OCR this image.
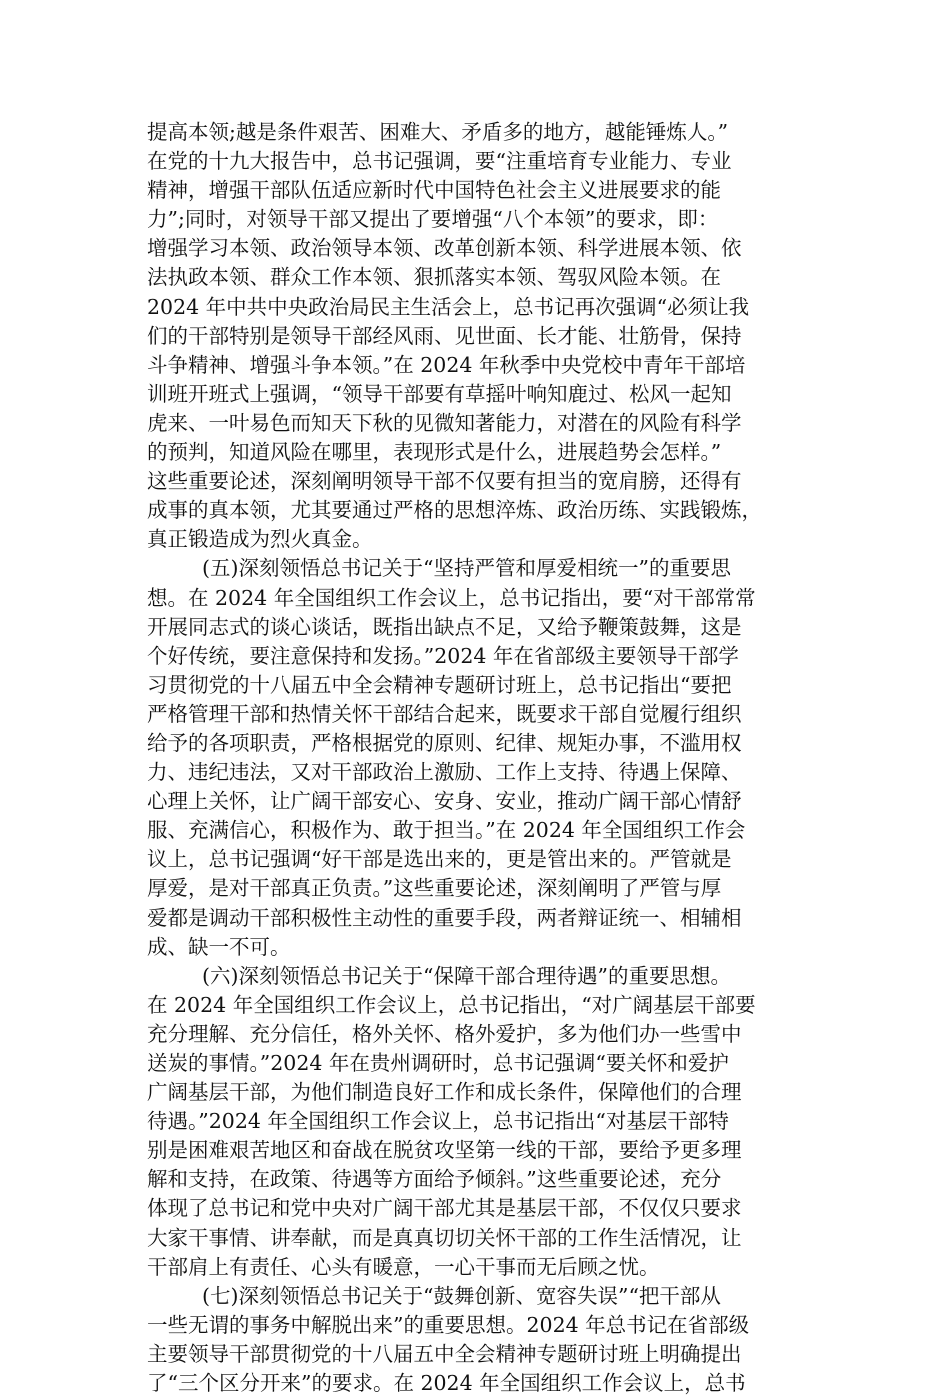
提高本领;越是条件艰苦、困难大、矛盾多的地方，越能锤炼人。”
在党的十九大报告中，总书记强调，要“注重培育专业能力、专业
精神，增强干部队伍适应新时代中国特色社会主义进展要求的能
力”;同时，对领导干部又提出了要增强“八个本领”的要求，即：
增强学习本领、政治领导本领、改革创新本领、科学进展本领、依
法执政本领、群众工作本领、狠抓落实本领、驾驭风险本领。在
2024 年中共中央政治局民主生活会上，总书记再次强调“必须让我
们的干部特别是领导干部经风雨、见世面、长才能、壮筋骨，保持
斗争精神、增强斗争本领。”在 2024 年秋季中央党校中青年干部培
训班开班式上强调，“领导干部要有草摇叶响知鹿过、松风一起知
虎来、一叶易色而知天下秋的见微知著能力，对潜在的风险有科学
的预判，知道风险在哪里，表现形式是什么，进展趋势会怎样。”
这些重要论述，深刻阐明领导干部不仅要有担当的宽肩膀，还得有
成事的真本领，尤其要通过严格的思想淬炼、政治历练、实践锻炼，
真正锻造成为烈火真金。
(五)深刻领悟总书记关于“坚持严管和厚爱相统一”的重要思
想。在 2024 年全国组织工作会议上，总书记指出，要“对干部常常
开展同志式的谈心谈话，既指出缺点不足，又给予鞭策鼓舞，这是
个好传统，要注意保持和发扬。”2024 年在省部级主要领导干部学
习贯彻党的十八届五中全会精神专题研讨班上，总书记指出“要把
严格管理干部和热情关怀干部结合起来，既要求干部自觉履行组织
给予的各项职责，严格根据党的原则、纪律、规矩办事，不滥用权
力、违纪违法，又对干部政治上激励、工作上支持、待遇上保障、
心理上关怀，让广阔干部安心、安身、安业，推动广阔干部心情舒
服、充满信心，积极作为、敢于担当。”在 2024 年全国组织工作会
议上，总书记强调“好干部是选出来的，更是管出来的。严管就是
厚爱，是对干部真正负责。”这些重要论述，深刻阐明了严管与厚
爱都是调动干部积极性主动性的重要手段，两者辩证统一、相辅相
成、缺一不可。
(六)深刻领悟总书记关于“保障干部合理待遇”的重要思想。
在 2024 年全国组织工作会议上，总书记指出，“对广阔基层干部要
充分理解、充分信任，格外关怀、格外爱护，多为他们办一些雪中
送炭的事情。”2024 年在贵州调研时，总书记强调“要关怀和爱护
广阔基层干部，为他们制造良好工作和成长条件，保障他们的合理
待遇。”2024 年全国组织工作会议上，总书记指出“对基层干部特
别是困难艰苦地区和奋战在脱贫攻坚第一线的干部，要给予更多理
解和支持，在政策、待遇等方面给予倾斜。”这些重要论述，充分
体现了总书记和党中央对广阔干部尤其是基层干部，不仅仅只要求
大家干事情、讲奉献，而是真真切切关怀干部的工作生活情况，让
干部肩上有责任、心头有暖意，一心干事而无后顾之忧。
(七)深刻领悟总书记关于“鼓舞创新、宽容失误”“把干部从
一些无谓的事务中解脱出来”的重要思想。2024 年总书记在省部级
主要领导干部贯彻党的十八届五中全会精神专题研讨班上明确提出
了“三个区分开来”的要求。在 2024 年全国组织工作会议上，总书
